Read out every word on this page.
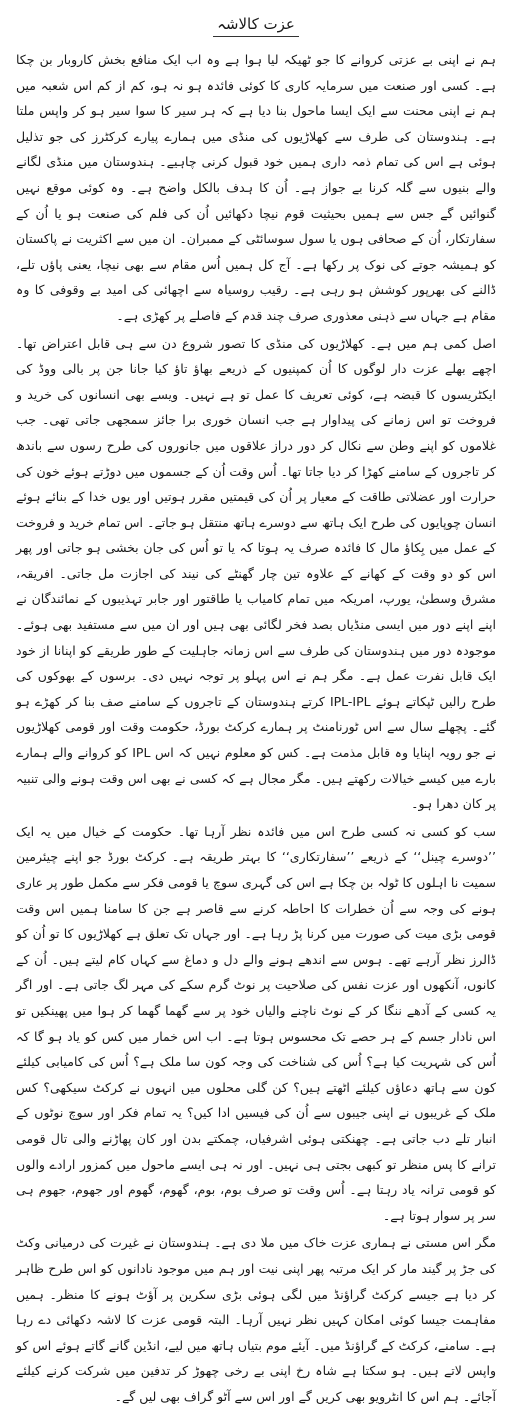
عزت کالاشہ

ہم نے اپنی بے عزتی کروانے کا جو ٹھیکہ لیا ہوا ہے وہ اب ایک منافع بخش کاروبار بن چکا ہے۔ کسی اور صنعت میں سرمایہ کاری کا کوئی فائدہ ہو نہ ہو، کم از کم اس شعبہ میں ہم نے اپنی محنت سے ایک ایسا ماحول بنا دیا ہے کہ ہر سیر کا سوا سیر ہو کر واپس ملتا ہے۔ ہندوستان کی طرف سے کھلاڑیوں کی منڈی میں ہمارے پیارے کرکٹرز کی جو تذلیل ہوئی ہے اس کی تمام ذمہ داری ہمیں خود قبول کرنی چاہیے۔ ہندوستان میں منڈی لگانے والے بنیوں سے گلہ کرنا بے جواز ہے۔ اُن کا ہدف بالکل واضح ہے۔ وہ کوئی موقع نہیں گنوائیں گے جس سے ہمیں بحیثیت قوم نیچا دکھائیں اُن کی فلم کی صنعت ہو یا اُن کے سفارتکار، اُن کے صحافی ہوں یا سول سوسائٹی کے ممبران۔ ان میں سے اکثریت نے پاکستان کو ہمیشہ جوتے کی نوک پر رکھا ہے۔ آج کل ہمیں اُس مقام سے بھی نیچا، یعنی پاؤں تلے، ڈالنے کی بھرپور کوشش ہو رہی ہے۔ رقیب روسیاہ سے اچھائی کی امید بے وقوفی کا وہ مقام ہے جہاں سے ذہنی معذوری صرف چند قدم کے فاصلے پر کھڑی ہے۔

اصل کمی ہم میں ہے۔ کھلاڑیوں کی منڈی کا تصور شروع دن سے ہی قابل اعتراض تھا۔ اچھے بھلے عزت دار لوگوں کا اُن کمپنیوں کے ذریعے بھاؤ تاؤ کیا جانا جن پر بالی ووڈ کی ایکٹریسوں کا قبضہ ہے، کوئی تعریف کا عمل تو ہے نہیں۔ ویسے بھی انسانوں کی خرید و فروخت تو اس زمانے کی پیداوار ہے جب انسان خوری برا جائز سمجھی جاتی تھی۔ جب غلاموں کو اپنے وطن سے نکال کر دور دراز علاقوں میں جانوروں کی طرح رسوں سے باندھ کر تاجروں کے سامنے کھڑا کر دیا جاتا تھا۔ اُس وقت اُن کے جسموں میں دوڑتے ہوئے خون کی حرارت اور عضلاتی طاقت کے معیار پر اُن کی قیمتیں مقرر ہوتیں اور یوں خدا کے بنائے ہوئے انسان چوپایوں کی طرح ایک ہاتھ سے دوسرے ہاتھ منتقل ہو جاتے۔ اس تمام خرید و فروخت کے عمل میں بِکاؤ مال کا فائدہ صرف یہ ہوتا کہ یا تو اُس کی جان بخشی ہو جاتی اور پھر اس کو دو وقت کے کھانے کے علاوہ تین چار گھنٹے کی نیند کی اجازت مل جاتی۔ افریقہ، مشرق وسطیٰ، یورپ، امریکہ میں تمام کامیاب یا طاقتور اور جابر تہذیبوں کے نمائندگان نے اپنے اپنے دور میں ایسی منڈیاں بصد فخر لگائی بھی ہیں اور ان میں سے مستفید بھی ہوئے۔ موجودہ دور میں ہندوستان کی طرف سے اس زمانہ جاہلیت کے طور طریقے کو اپنانا از خود ایک قابل نفرت عمل ہے۔ مگر ہم نے اس پہلو پر توجہ نہیں دی۔ برسوں کے بھوکوں کی طرح رالیں ٹپکاتے ہوئے IPL-IPL کرتے ہندوستان کے تاجروں کے سامنے صف بنا کر کھڑے ہو گئے۔ پچھلے سال سے اس ٹورنامنٹ پر ہمارے کرکٹ بورڈ، حکومت وقت اور قومی کھلاڑیوں نے جو رویہ اپنایا وہ قابل مذمت ہے۔ کس کو معلوم نہیں کہ اس IPL کو کروانے والے ہمارے بارے میں کیسے خیالات رکھتے ہیں۔ مگر مجال ہے کہ کسی نے بھی اس وقت ہونے والی تنبیہ پر کان دھرا ہو۔

سب کو کسی نہ کسی طرح اس میں فائدہ نظر آرہا تھا۔ حکومت کے خیال میں یہ ایک ’’دوسرے چینل‘‘ کے ذریعے ’’سفارتکاری‘‘ کا بہتر طریقہ ہے۔ کرکٹ بورڈ جو اپنے چیئرمین سمیت نا اہلوں کا ٹولہ بن چکا ہے اس کی گہری سوچ یا قومی فکر سے مکمل طور پر عاری ہونے کی وجہ سے اُن خطرات کا احاطہ کرنے سے قاصر ہے جن کا سامنا ہمیں اس وقت قومی بڑی میت کی صورت میں کرنا پڑ رہا ہے۔ اور جہاں تک تعلق ہے کھلاڑیوں کا تو اُن کو ڈالرز نظر آرہے تھے۔ ہوس سے اندھے ہونے والے دل و دماغ سے کہاں کام لیتے ہیں۔ اُن کے کانوں، آنکھوں اور عزت نفس کی صلاحیت پر نوٹ گرم سکے کی مہر لگ جاتی ہے۔ اور اگر یہ کسی کے آدھے ننگا کر کے نوٹ ناچنے والیاں خود پر سے گھما گھما کر ہوا میں پھینکیں تو اس نادار جسم کے ہر حصے تک محسوس ہوتا ہے۔ اب اس خمار میں کس کو یاد ہو گا کہ اُس کی شہریت کیا ہے؟ اُس کی شناخت کی وجہ کون سا ملک ہے؟ اُس کی کامیابی کیلئے کون سے ہاتھ دعاؤں کیلئے اٹھتے ہیں؟ کن گلی محلوں میں انہوں نے کرکٹ سیکھی؟ کس ملک کے غریبوں نے اپنی جیبوں سے اُن کی فیسیں ادا کیں؟ یہ تمام فکر اور سوچ نوٹوں کے انبار تلے دب جاتی ہے۔ چھنکتی ہوئی اشرفیاں، چمکتے بدن اور کان پھاڑنے والی تال قومی ترانے کا پس منظر تو کبھی بجتی ہی نہیں۔ اور نہ ہی ایسے ماحول میں کمزور ارادے والوں کو قومی ترانہ یاد رہتا ہے۔ اُس وقت تو صرف بوم، بوم، گھوم، گھوم اور جھوم، جھوم ہی سر پر سوار ہوتا ہے۔

مگر اس مستی نے ہماری عزت خاک میں ملا دی ہے۔ ہندوستان نے غیرت کی درمیانی وکٹ کی جڑ پر گیند مار کر ایک مرتبہ پھر اپنی نیت اور ہم میں موجود نادانوں کو اس طرح ظاہر کر دیا ہے جیسے کرکٹ گراؤنڈ میں لگی ہوئی بڑی سکرین پر آؤٹ ہونے کا منظر۔ ہمیں مفاہمت جیسا کوئی امکان کہیں نظر نہیں آرہا۔ البتہ قومی عزت کا لاشہ دکھائی دے رہا ہے۔ سامنے، کرکٹ کے گراؤنڈ میں۔ آیئے موم بتیاں ہاتھ میں لیے، انڈین گانے گاتے ہوئے اس کو واپس لاتے ہیں۔ ہو سکتا ہے شاہ رخ اپنی بے رخی چھوڑ کر تدفین میں شرکت کرنے کیلئے آجائے۔ ہم اس کا انٹرویو بھی کریں گے اور اس سے آٹو گراف بھی لیں گے۔
